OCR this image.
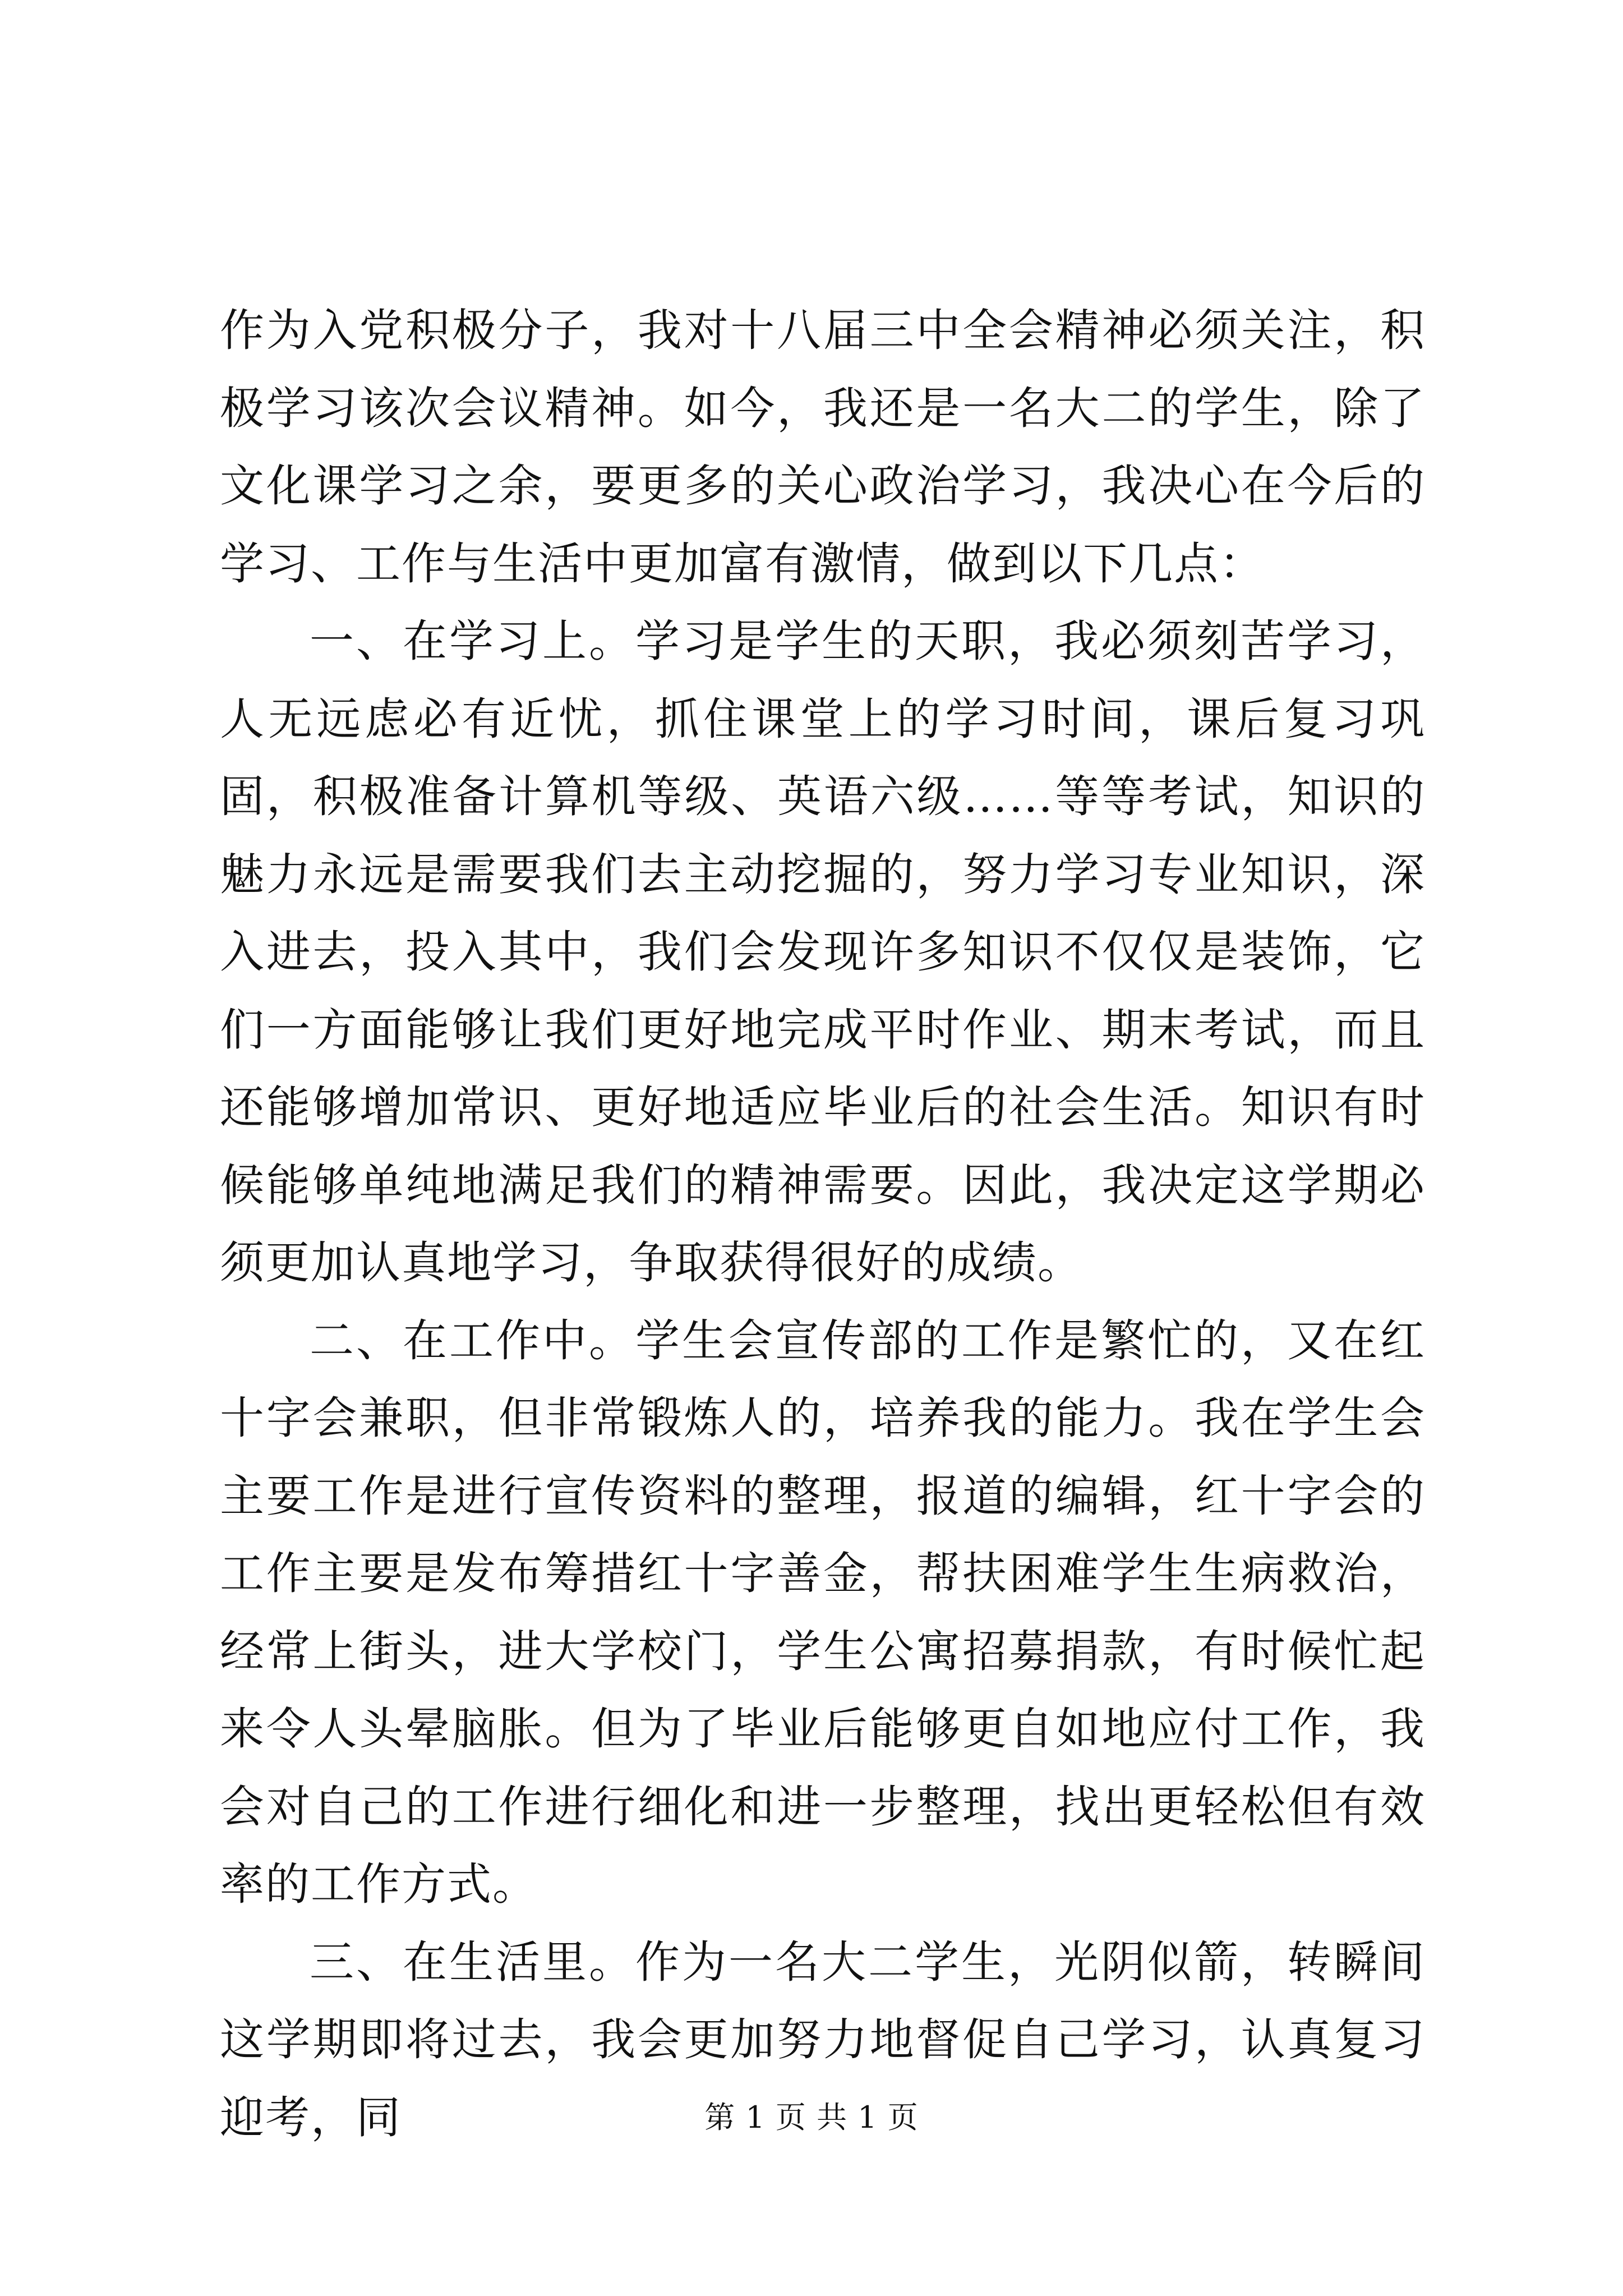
作为入党积极分子，我对十八届三中全会精神必须关注，积极学习该次会议精神。如今，我还是一名大二的学生，除了文化课学习之余，要更多的关心政治学习，我决心在今后的学习、工作与生活中更加富有激情，做到以下几点：

一、在学习上。学习是学生的天职，我必须刻苦学习，人无远虑必有近忧，抓住课堂上的学习时间，课后复习巩固，积极准备计算机等级、英语六级……等等考试，知识的魅力永远是需要我们去主动挖掘的，努力学习专业知识，深入进去，投入其中，我们会发现许多知识不仅仅是装饰，它们一方面能够让我们更好地完成平时作业、期末考试，而且还能够增加常识、更好地适应毕业后的社会生活。知识有时候能够单纯地满足我们的精神需要。因此，我决定这学期必须更加认真地学习，争取获得很好的成绩。

二、在工作中。学生会宣传部的工作是繁忙的，又在红十字会兼职，但非常锻炼人的，培养我的能力。我在学生会主要工作是进行宣传资料的整理，报道的编辑，红十字会的工作主要是发布筹措红十字善金，帮扶困难学生生病救治，经常上街头，进大学校门，学生公寓招募捐款，有时候忙起来令人头晕脑胀。但为了毕业后能够更自如地应付工作，我会对自己的工作进行细化和进一步整理，找出更轻松但有效率的工作方式。

三、在生活里。作为一名大二学生，光阴似箭，转瞬间这学期即将过去，我会更加努力地督促自己学习，认真复习迎考，同	第 1 页 共 1 页
